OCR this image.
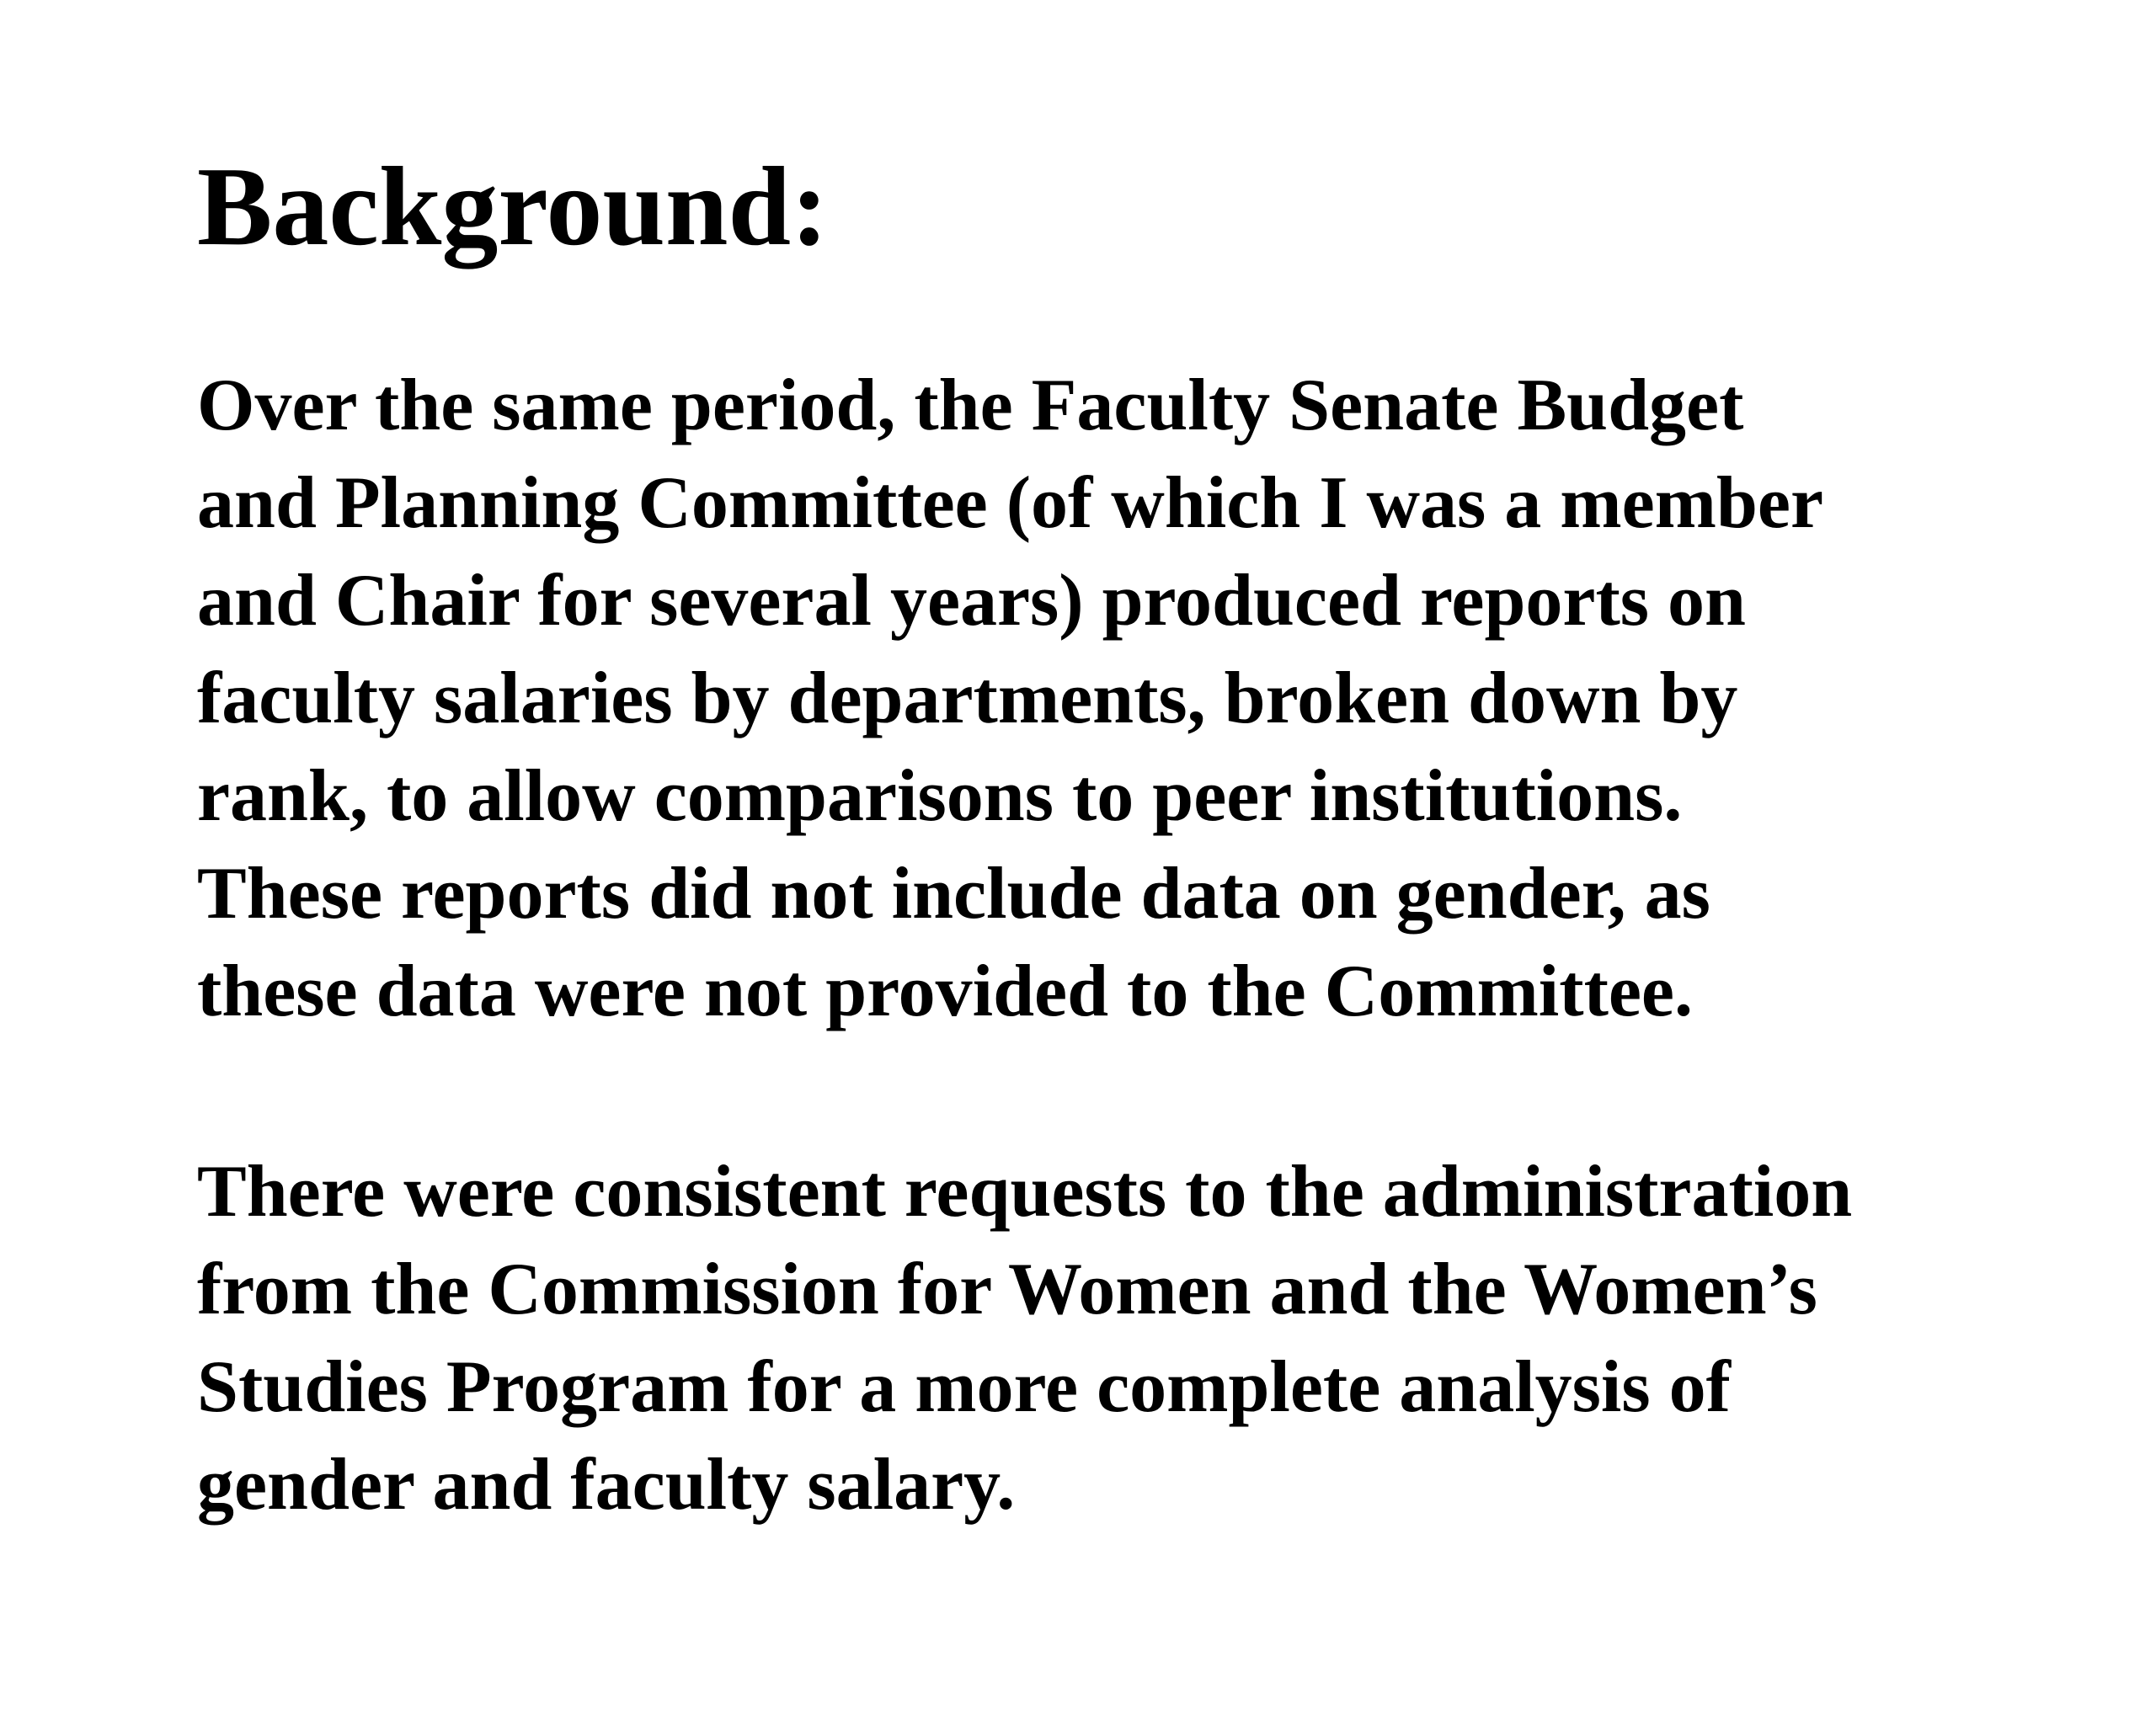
Background:
Over the same period, the Faculty Senate Budget
and Planning Committee (of which I was a member
and Chair for several years) produced reports on
faculty salaries by departments, broken down by
rank, to allow comparisons to peer institutions.
These reports did not include data on gender, as
these data were not provided to the Committee.
There were consistent requests to the administration
from the Commission for Women and the Women’s
Studies Program for a more complete analysis of
gender and faculty salary.
